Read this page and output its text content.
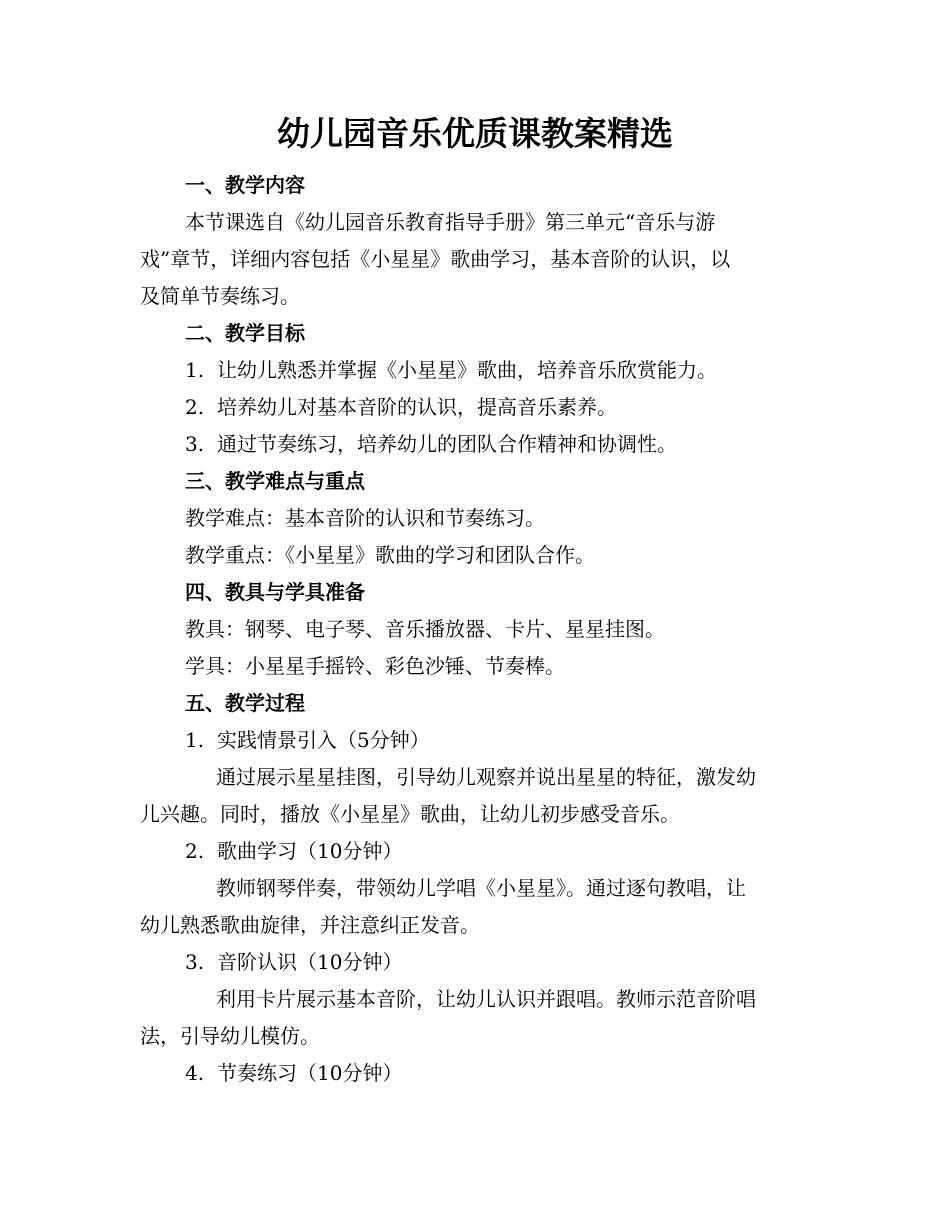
幼儿园音乐优质课教案精选
一、教学内容
本节课选自《幼儿园音乐教育指导手册》第三单元“音乐与游
戏”章节，详细内容包括《小星星》歌曲学习，基本音阶的认识，以
及简单节奏练习。
二、教学目标
1. 让幼儿熟悉并掌握《小星星》歌曲，培养音乐欣赏能力。
2. 培养幼儿对基本音阶的认识，提高音乐素养。
3. 通过节奏练习，培养幼儿的团队合作精神和协调性。
三、教学难点与重点
教学难点：基本音阶的认识和节奏练习。
教学重点：《小星星》歌曲的学习和团队合作。
四、教具与学具准备
教具：钢琴、电子琴、音乐播放器、卡片、星星挂图。
学具：小星星手摇铃、彩色沙锤、节奏棒。
五、教学过程
1. 实践情景引入（5分钟）
通过展示星星挂图，引导幼儿观察并说出星星的特征，激发幼
儿兴趣。同时，播放《小星星》歌曲，让幼儿初步感受音乐。
2. 歌曲学习（10分钟）
教师钢琴伴奏，带领幼儿学唱《小星星》。通过逐句教唱，让
幼儿熟悉歌曲旋律，并注意纠正发音。
3. 音阶认识（10分钟）
利用卡片展示基本音阶，让幼儿认识并跟唱。教师示范音阶唱
法，引导幼儿模仿。
4. 节奏练习（10分钟）
